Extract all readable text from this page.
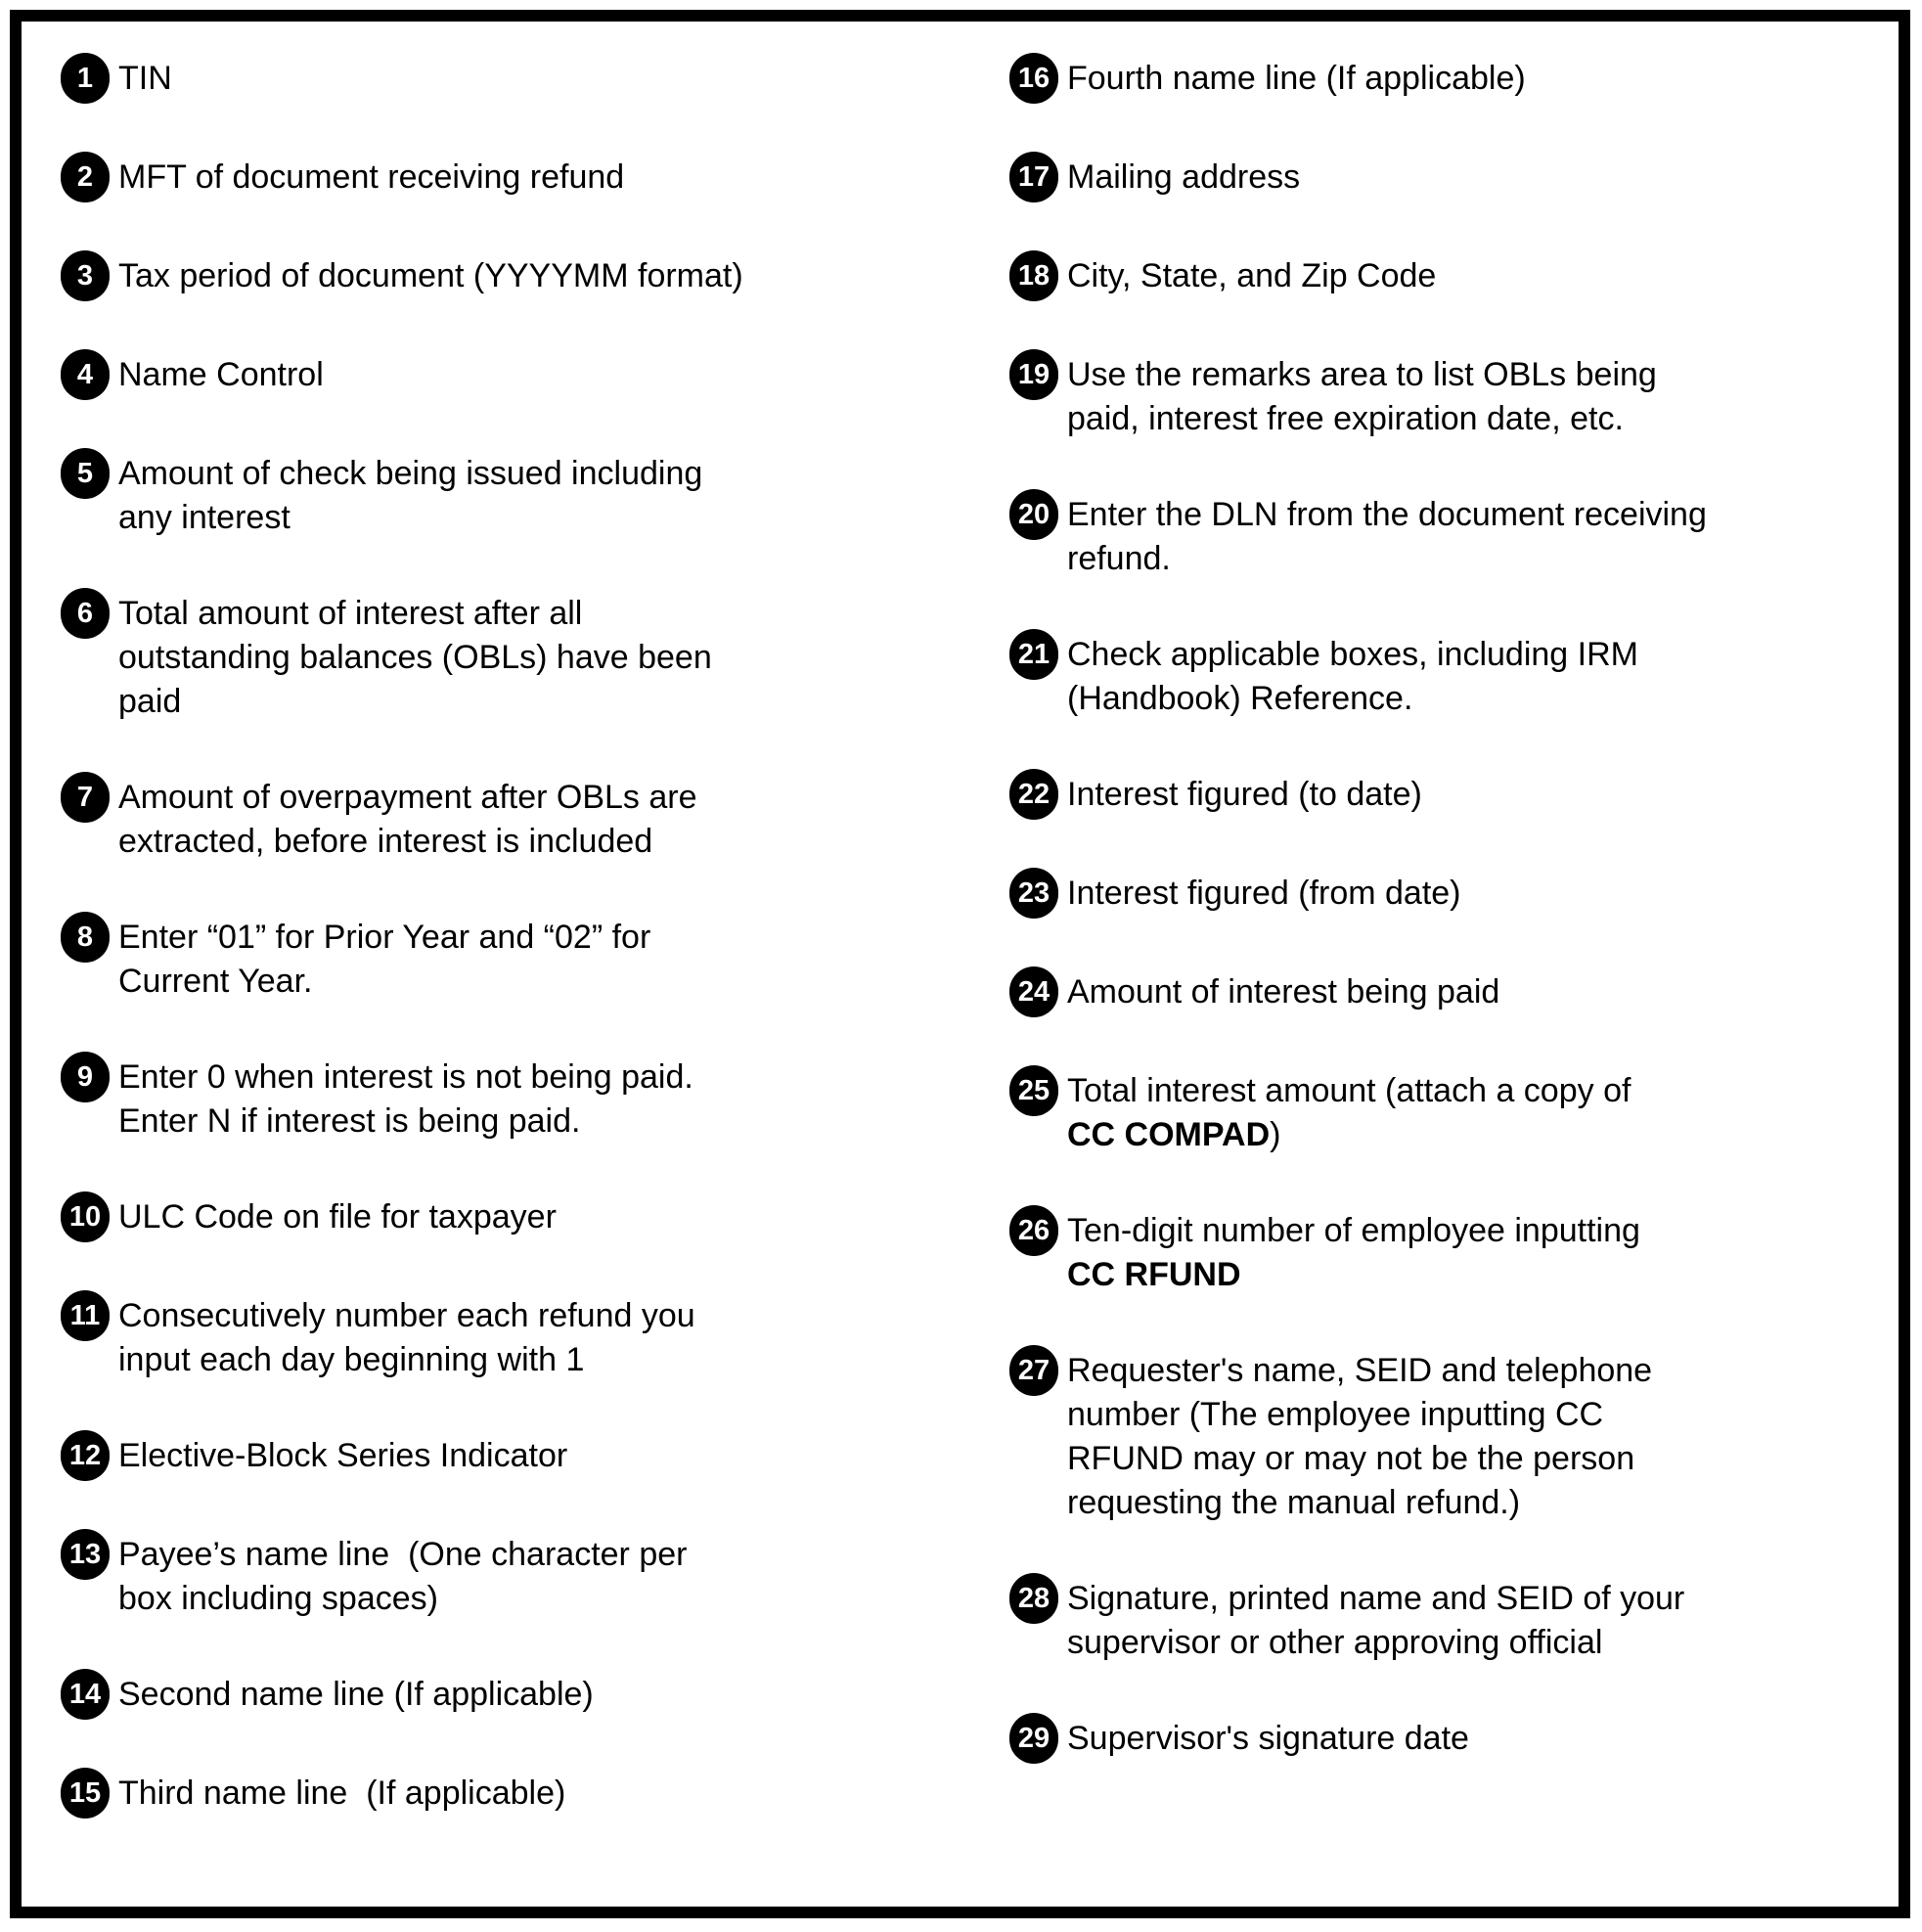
1 TIN
2 MFT of document receiving refund
3 Tax period of document (YYYYMM format)
4 Name Control
5 Amount of check being issued including
any interest
6 Total amount of interest after all
outstanding balances (OBLs) have been
paid
7 Amount of overpayment after OBLs are
extracted, before interest is included
8 Enter “01” for Prior Year and “02” for
Current Year.
9 Enter 0 when interest is not being paid.
Enter N if interest is being paid.
10 ULC Code on file for taxpayer
11 Consecutively number each refund you
input each day beginning with 1
12 Elective-Block Series Indicator
13 Payee’s name line  (One character per
box including spaces)
14 Second name line (If applicable)
15 Third name line  (If applicable)
16 Fourth name line (If applicable)
17 Mailing address
18 City, State, and Zip Code
19 Use the remarks area to list OBLs being
paid, interest free expiration date, etc.
20 Enter the DLN from the document receiving
refund.
21 Check applicable boxes, including IRM
(Handbook) Reference.
22 Interest figured (to date)
23 Interest figured (from date)
24 Amount of interest being paid
25 Total interest amount (attach a copy of
CC COMPAD)
26 Ten-digit number of employee inputting
CC RFUND
27 Requester's name, SEID and telephone
number (The employee inputting CC
RFUND may or may not be the person
requesting the manual refund.)
28 Signature, printed name and SEID of your
supervisor or other approving official
29 Supervisor's signature date
